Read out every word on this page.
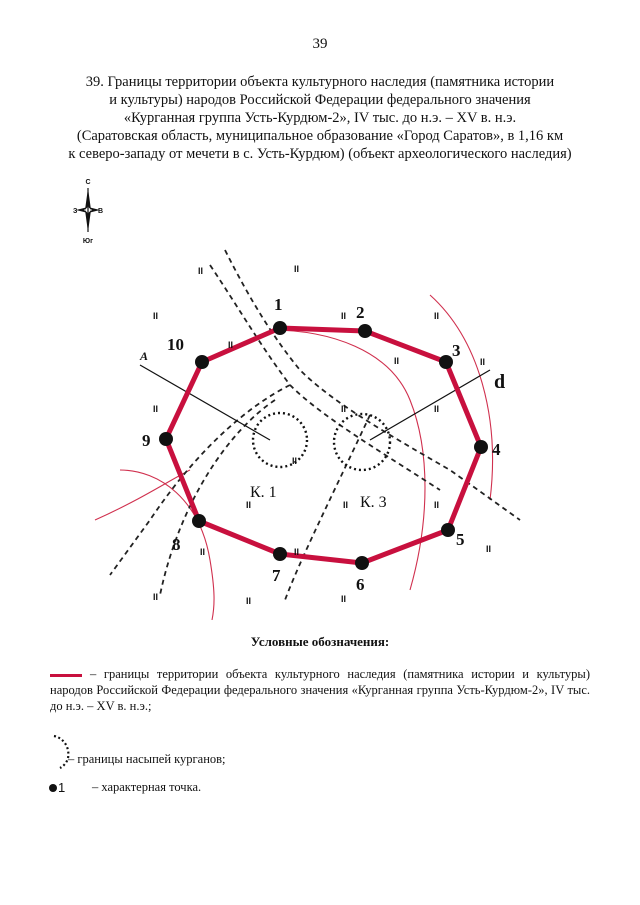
39
39. Границы территории объекта культурного наследия (памятника истории
и культуры) народов Российской Федерации федерального значения
«Курганная группа Усть-Курдюм-2», IV тыс. до н.э. – XV в. н.э.
(Саратовская область, муниципальное образование «Город Саратов», в 1,16 км
к северо-западу от мечети в с. Усть-Курдюм) (объект археологического наследия)
С
З	В
Юг
1	2
3
4
5
6
7
8
9
10
К. 1
К. 3
А
d
II	II
II	II	II
II
II	II
II	II
II
II
II	II	II
II	II	II
II	II	II
Условные обозначения:
– границы территории объекта культурного наследия (памятника истории и культуры) народов Российской Федерации федерального значения «Курганная группа Усть-Курдюм-2», IV тыс. до н.э. – XV в. н.э.;
– границы насыпей курганов;
1 – характерная точка.
